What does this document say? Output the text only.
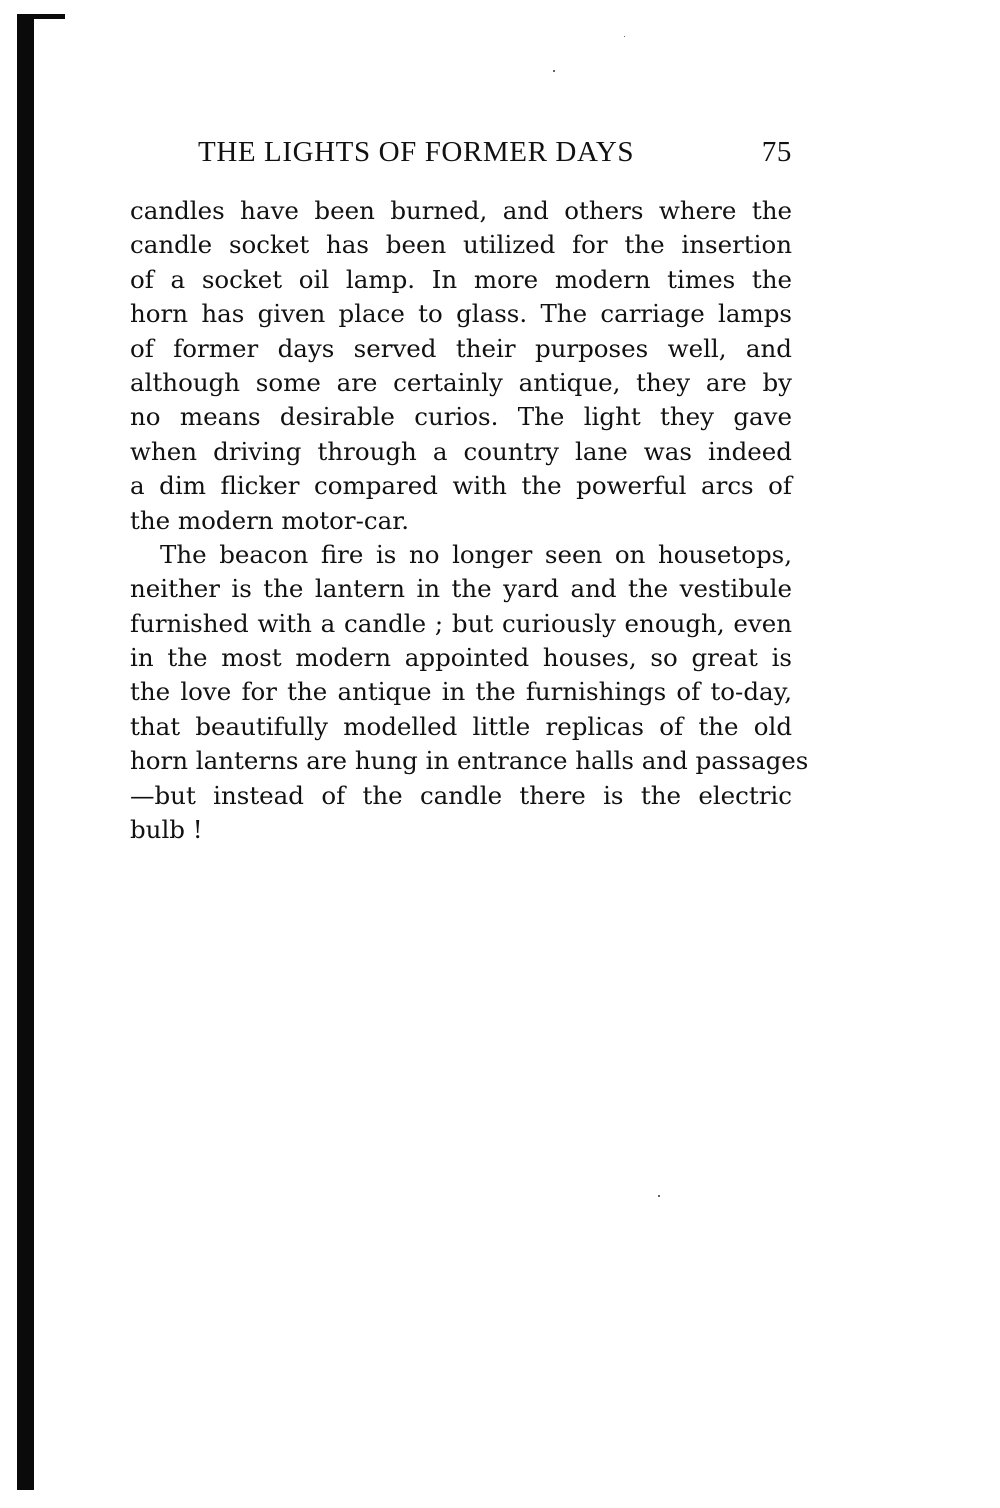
THE LIGHTS OF FORMER DAYS	75
candles have been burned, and others where the
candle socket has been utilized for the insertion
of a socket oil lamp. In more modern times the
horn has given place to glass. The carriage lamps
of former days served their purposes well, and
although some are certainly antique, they are by
no means desirable curios. The light they gave
when driving through a country lane was indeed
a dim flicker compared with the powerful arcs of
the modern motor-car.
The beacon fire is no longer seen on housetops,
neither is the lantern in the yard and the vestibule
furnished with a candle ; but curiously enough, even
in the most modern appointed houses, so great is
the love for the antique in the furnishings of to-day,
that beautifully modelled little replicas of the old
horn lanterns are hung in entrance halls and passages
—but instead of the candle there is the electric
bulb !
